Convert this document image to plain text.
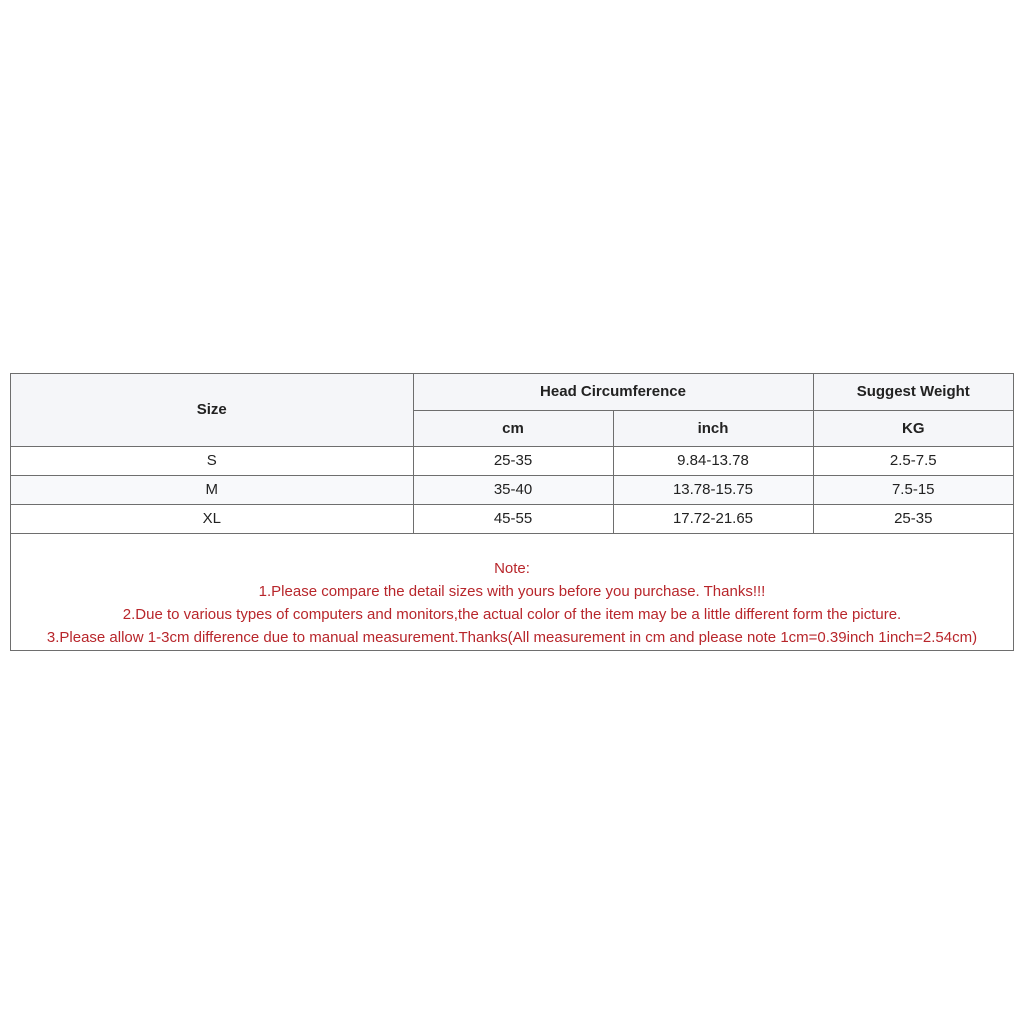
Size	Head Circumference		Suggest Weight
	cm	inch	KG
S	25-35	9.84-13.78	2.5-7.5
M	35-40	13.78-15.75	7.5-15
XL	45-55	17.72-21.65	25-35
Note:
1.Please compare the detail sizes with yours before you purchase. Thanks!!!
2.Due to various types of computers and monitors,the actual color of the item may be a little different form the picture.
3.Please allow 1-3cm difference due to manual measurement.Thanks(All measurement in cm and please note 1cm=0.39inch 1inch=2.54cm)
